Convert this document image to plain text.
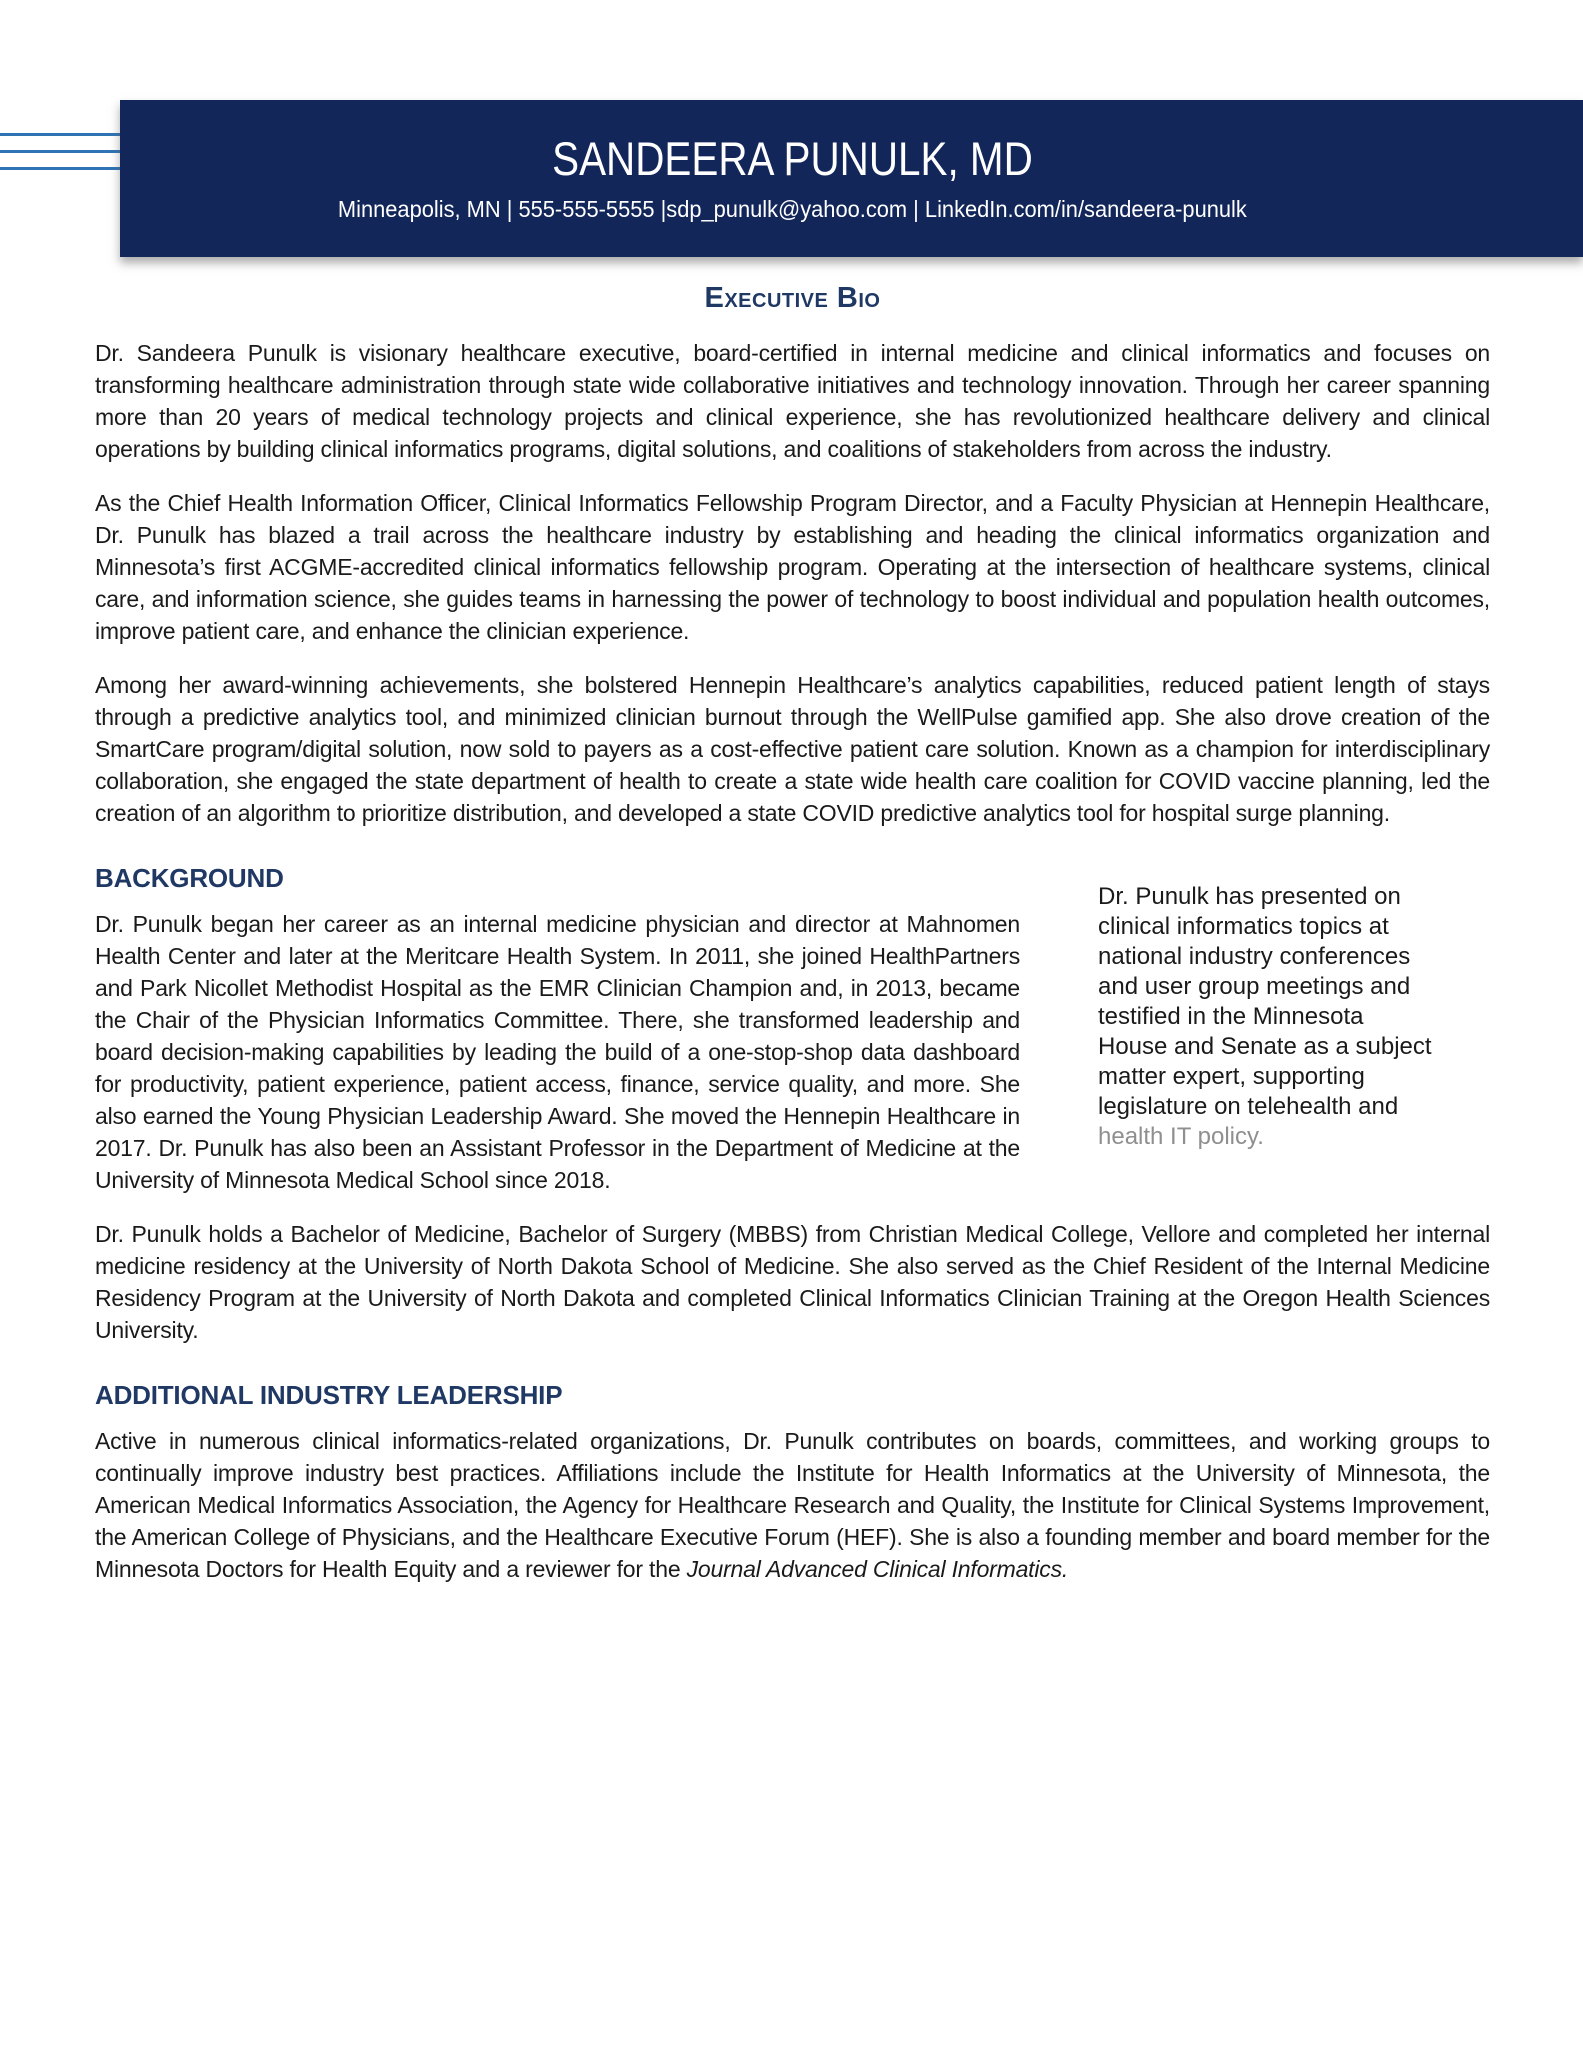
SANDEERA PUNULK, MD
Minneapolis, MN | 555-555-5555 |sdp_punulk@yahoo.com | LinkedIn.com/in/sandeera-punulk
Executive Bio

Dr. Sandeera Punulk is visionary healthcare executive, board-certified in internal medicine and clinical informatics and focuses on transforming healthcare administration through state wide collaborative initiatives and technology innovation. Through her career spanning more than 20 years of medical technology projects and clinical experience, she has revolutionized healthcare delivery and clinical operations by building clinical informatics programs, digital solutions, and coalitions of stakeholders from across the industry.

As the Chief Health Information Officer, Clinical Informatics Fellowship Program Director, and a Faculty Physician at Hennepin Healthcare, Dr. Punulk has blazed a trail across the healthcare industry by establishing and heading the clinical informatics organization and Minnesota’s first ACGME-accredited clinical informatics fellowship program. Operating at the intersection of healthcare systems, clinical care, and information science, she guides teams in harnessing the power of technology to boost individual and population health outcomes, improve patient care, and enhance the clinician experience.

Among her award-winning achievements, she bolstered Hennepin Healthcare’s analytics capabilities, reduced patient length of stays through a predictive analytics tool, and minimized clinician burnout through the WellPulse gamified app. She also drove creation of the SmartCare program/digital solution, now sold to payers as a cost-effective patient care solution. Known as a champion for interdisciplinary collaboration, she engaged the state department of health to create a state wide health care coalition for COVID vaccine planning, led the creation of an algorithm to prioritize distribution, and developed a state COVID predictive analytics tool for hospital surge planning.

BACKGROUND
Dr. Punulk has presented on
clinical informatics topics at
national industry conferences
and user group meetings and
testified in the Minnesota
House and Senate as a subject
matter expert, supporting
legislature on telehealth and
health IT policy.

Dr. Punulk began her career as an internal medicine physician and director at Mahnomen Health Center and later at the Meritcare Health System. In 2011, she joined HealthPartners and Park Nicollet Methodist Hospital as the EMR Clinician Champion and, in 2013, became the Chair of the Physician Informatics Committee. There, she transformed leadership and board decision-making capabilities by leading the build of a one-stop-shop data dashboard for productivity, patient experience, patient access, finance, service quality, and more. She also earned the Young Physician Leadership Award. She moved the Hennepin Healthcare in 2017. Dr. Punulk has also been an Assistant Professor in the Department of Medicine at the University of Minnesota Medical School since 2018.

Dr. Punulk holds a Bachelor of Medicine, Bachelor of Surgery (MBBS) from Christian Medical College, Vellore and completed her internal medicine residency at the University of North Dakota School of Medicine. She also served as the Chief Resident of the Internal Medicine Residency Program at the University of North Dakota and completed Clinical Informatics Clinician Training at the Oregon Health Sciences University.

ADDITIONAL INDUSTRY LEADERSHIP

Active in numerous clinical informatics-related organizations, Dr. Punulk contributes on boards, committees, and working groups to continually improve industry best practices. Affiliations include the Institute for Health Informatics at the University of Minnesota, the American Medical Informatics Association, the Agency for Healthcare Research and Quality, the Institute for Clinical Systems Improvement, the American College of Physicians, and the Healthcare Executive Forum (HEF). She is also a founding member and board member for the Minnesota Doctors for Health Equity and a reviewer for the Journal Advanced Clinical Informatics.
